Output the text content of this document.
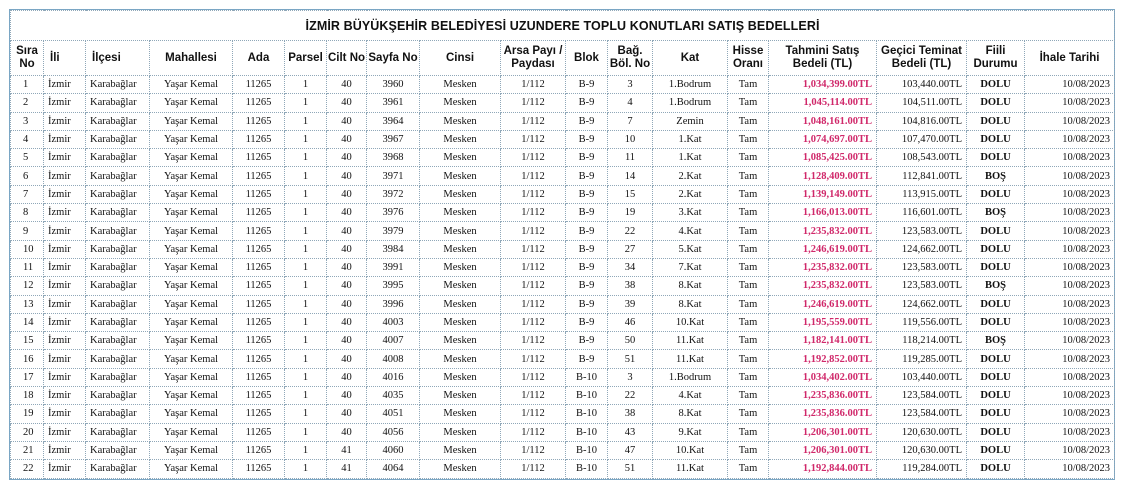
İZMİR BÜYÜKŞEHİR BELEDİYESİ UZUNDERE TOPLU KONUTLARI SATIŞ BEDELLERİ																	
Sıra No	İli	İlçesi	Mahallesi	Ada	Parsel	Cilt No	Sayfa No	Cinsi	Arsa Payı / Paydası	Blok	Bağ. Böl. No	Kat	Hisse Oranı	Tahmini Satış Bedeli (TL)	Geçici Teminat Bedeli (TL)	Fiili Durumu	İhale Tarihi
1	İzmir	Karabağlar	Yaşar Kemal	11265	1	40	3960	Mesken	1/112	B-9	3	1.Bodrum	Tam	1,034,399.00TL	103,440.00TL	DOLU	10/08/2023
2	İzmir	Karabağlar	Yaşar Kemal	11265	1	40	3961	Mesken	1/112	B-9	4	1.Bodrum	Tam	1,045,114.00TL	104,511.00TL	DOLU	10/08/2023
3	İzmir	Karabağlar	Yaşar Kemal	11265	1	40	3964	Mesken	1/112	B-9	7	Zemin	Tam	1,048,161.00TL	104,816.00TL	DOLU	10/08/2023
4	İzmir	Karabağlar	Yaşar Kemal	11265	1	40	3967	Mesken	1/112	B-9	10	1.Kat	Tam	1,074,697.00TL	107,470.00TL	DOLU	10/08/2023
5	İzmir	Karabağlar	Yaşar Kemal	11265	1	40	3968	Mesken	1/112	B-9	11	1.Kat	Tam	1,085,425.00TL	108,543.00TL	DOLU	10/08/2023
6	İzmir	Karabağlar	Yaşar Kemal	11265	1	40	3971	Mesken	1/112	B-9	14	2.Kat	Tam	1,128,409.00TL	112,841.00TL	BOŞ	10/08/2023
7	İzmir	Karabağlar	Yaşar Kemal	11265	1	40	3972	Mesken	1/112	B-9	15	2.Kat	Tam	1,139,149.00TL	113,915.00TL	DOLU	10/08/2023
8	İzmir	Karabağlar	Yaşar Kemal	11265	1	40	3976	Mesken	1/112	B-9	19	3.Kat	Tam	1,166,013.00TL	116,601.00TL	BOŞ	10/08/2023
9	İzmir	Karabağlar	Yaşar Kemal	11265	1	40	3979	Mesken	1/112	B-9	22	4.Kat	Tam	1,235,832.00TL	123,583.00TL	DOLU	10/08/2023
10	İzmir	Karabağlar	Yaşar Kemal	11265	1	40	3984	Mesken	1/112	B-9	27	5.Kat	Tam	1,246,619.00TL	124,662.00TL	DOLU	10/08/2023
11	İzmir	Karabağlar	Yaşar Kemal	11265	1	40	3991	Mesken	1/112	B-9	34	7.Kat	Tam	1,235,832.00TL	123,583.00TL	DOLU	10/08/2023
12	İzmir	Karabağlar	Yaşar Kemal	11265	1	40	3995	Mesken	1/112	B-9	38	8.Kat	Tam	1,235,832.00TL	123,583.00TL	BOŞ	10/08/2023
13	İzmir	Karabağlar	Yaşar Kemal	11265	1	40	3996	Mesken	1/112	B-9	39	8.Kat	Tam	1,246,619.00TL	124,662.00TL	DOLU	10/08/2023
14	İzmir	Karabağlar	Yaşar Kemal	11265	1	40	4003	Mesken	1/112	B-9	46	10.Kat	Tam	1,195,559.00TL	119,556.00TL	DOLU	10/08/2023
15	İzmir	Karabağlar	Yaşar Kemal	11265	1	40	4007	Mesken	1/112	B-9	50	11.Kat	Tam	1,182,141.00TL	118,214.00TL	BOŞ	10/08/2023
16	İzmir	Karabağlar	Yaşar Kemal	11265	1	40	4008	Mesken	1/112	B-9	51	11.Kat	Tam	1,192,852.00TL	119,285.00TL	DOLU	10/08/2023
17	İzmir	Karabağlar	Yaşar Kemal	11265	1	40	4016	Mesken	1/112	B-10	3	1.Bodrum	Tam	1,034,402.00TL	103,440.00TL	DOLU	10/08/2023
18	İzmir	Karabağlar	Yaşar Kemal	11265	1	40	4035	Mesken	1/112	B-10	22	4.Kat	Tam	1,235,836.00TL	123,584.00TL	DOLU	10/08/2023
19	İzmir	Karabağlar	Yaşar Kemal	11265	1	40	4051	Mesken	1/112	B-10	38	8.Kat	Tam	1,235,836.00TL	123,584.00TL	DOLU	10/08/2023
20	İzmir	Karabağlar	Yaşar Kemal	11265	1	40	4056	Mesken	1/112	B-10	43	9.Kat	Tam	1,206,301.00TL	120,630.00TL	DOLU	10/08/2023
21	İzmir	Karabağlar	Yaşar Kemal	11265	1	41	4060	Mesken	1/112	B-10	47	10.Kat	Tam	1,206,301.00TL	120,630.00TL	DOLU	10/08/2023
22	İzmir	Karabağlar	Yaşar Kemal	11265	1	41	4064	Mesken	1/112	B-10	51	11.Kat	Tam	1,192,844.00TL	119,284.00TL	DOLU	10/08/2023
